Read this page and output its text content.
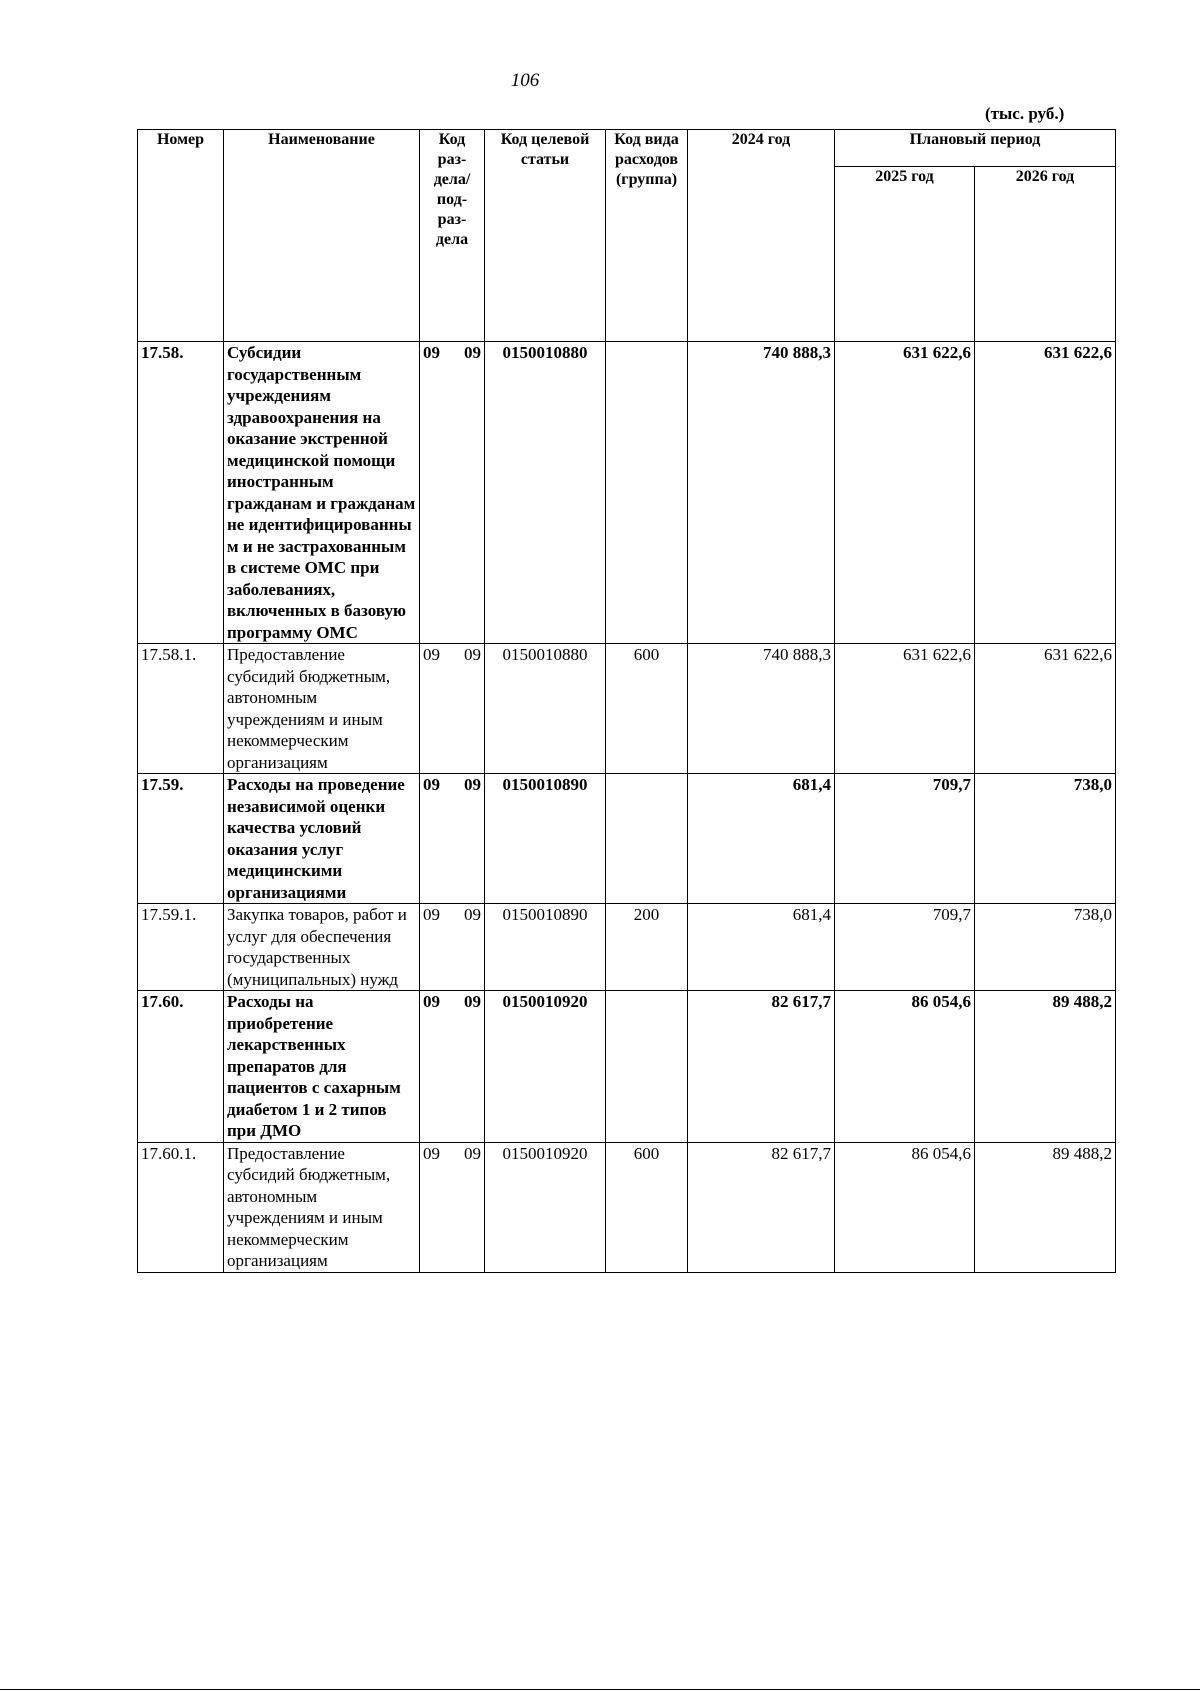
106
(тыс. руб.)
Номер	Наименование	Код раз-дела/ под-раз-дела	Код целевой статьи	Код вида расходов (группа)	2024 год	Плановый период	
						2025 год	2026 год
17.58.	Субсидии государственным учреждениям здравоохранения на оказание экстренной медицинской помощи иностранным гражданам и гражданам не идентифицированны м и не застрахованным в системе ОМС при заболеваниях, включенных в базовую программу ОМС	09 09	0150010880		740 888,3	631 622,6	631 622,6
17.58.1.	Предоставление субсидий бюджетным, автономным учреждениям и иным некоммерческим организациям	09 09	0150010880	600	740 888,3	631 622,6	631 622,6
17.59.	Расходы на проведение независимой оценки качества условий оказания услуг медицинскими организациями	09 09	0150010890		681,4	709,7	738,0
17.59.1.	Закупка товаров, работ и услуг для обеспечения государственных (муниципальных) нужд	09 09	0150010890	200	681,4	709,7	738,0
17.60.	Расходы на приобретение лекарственных препаратов для пациентов с сахарным диабетом 1 и 2 типов при ДМО	09 09	0150010920		82 617,7	86 054,6	89 488,2
17.60.1.	Предоставление субсидий бюджетным, автономным учреждениям и иным некоммерческим организациям	09 09	0150010920	600	82 617,7	86 054,6	89 488,2
